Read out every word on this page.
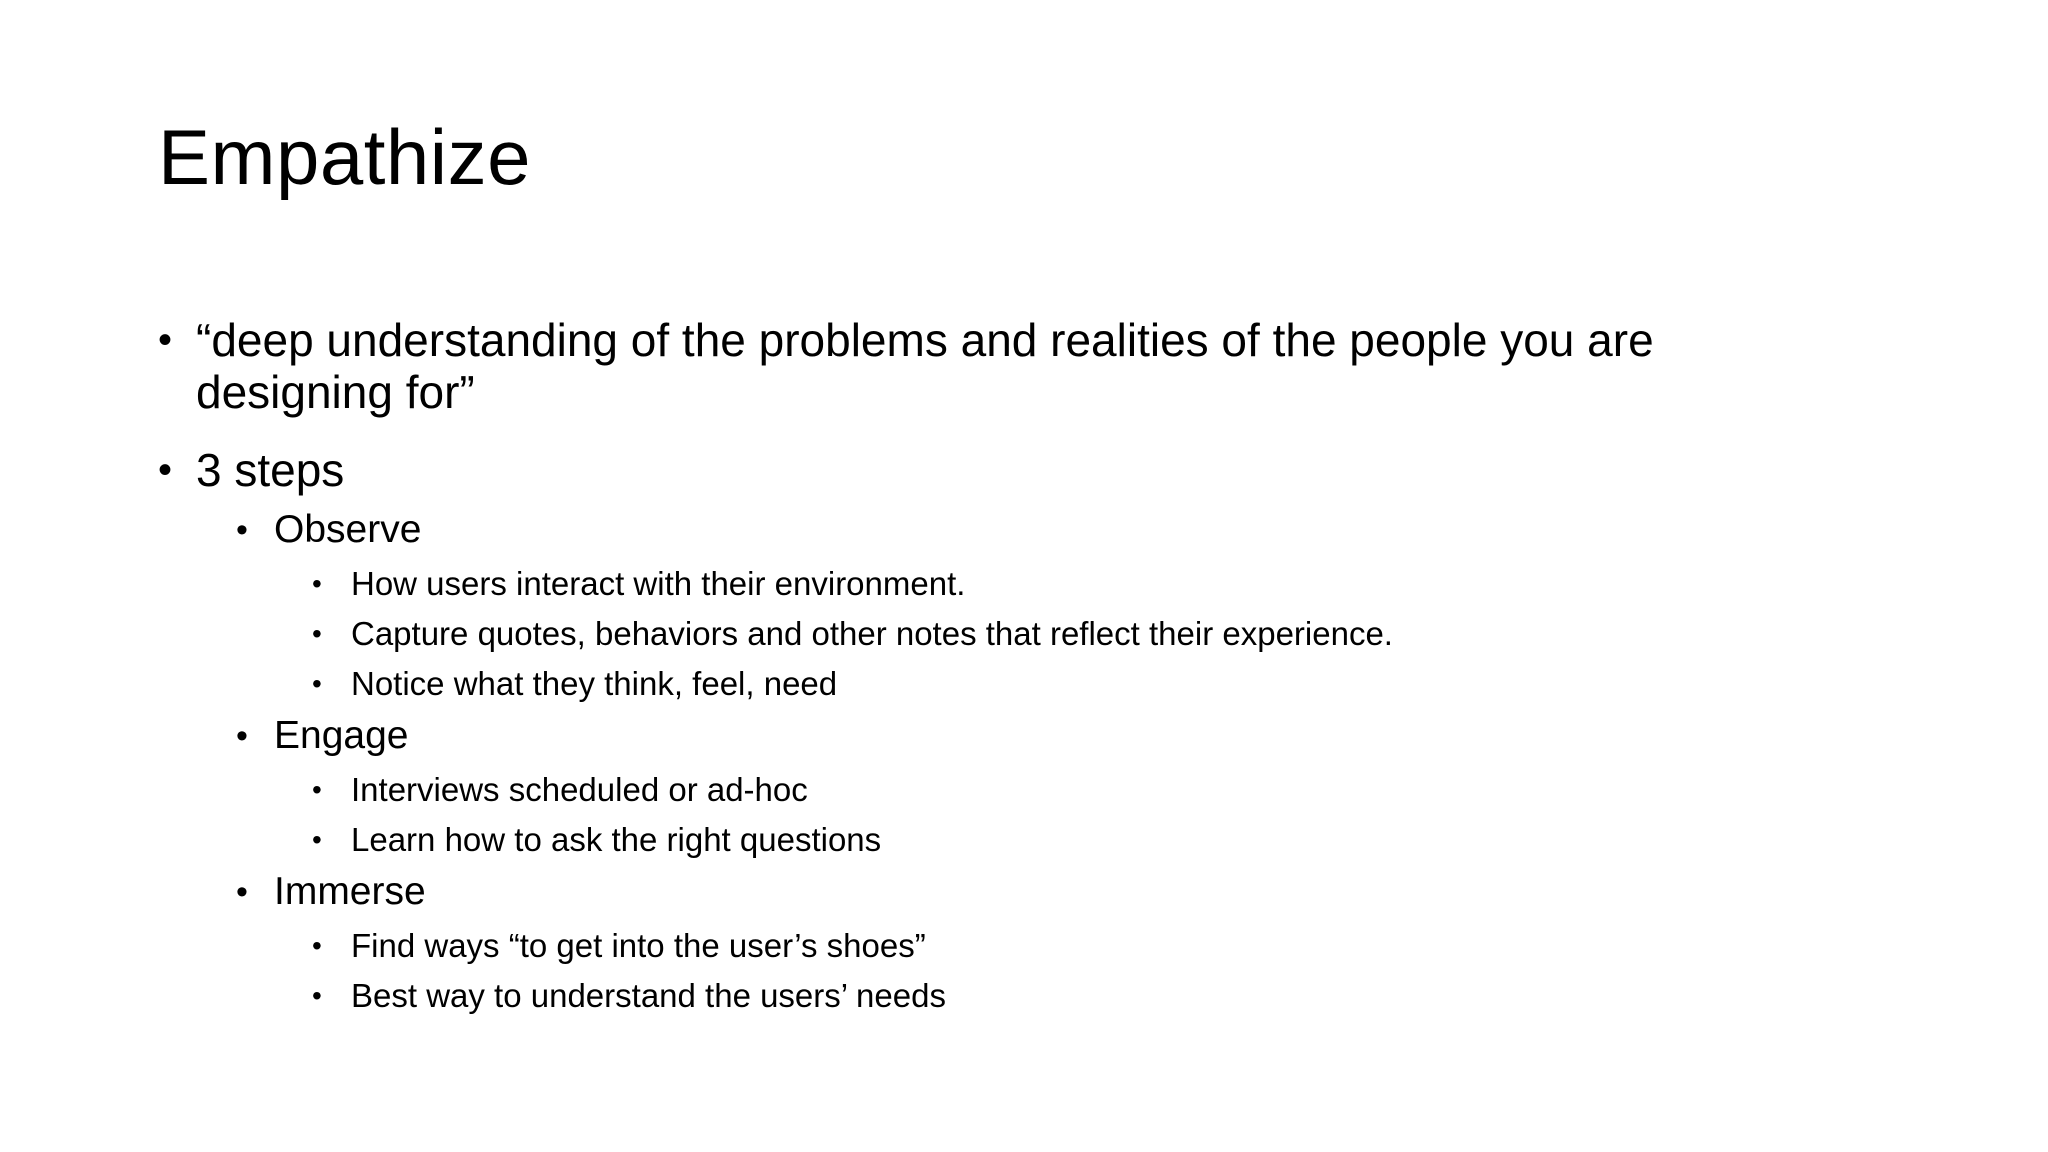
Empathize
• “deep understanding of the problems and realities of the people you are
designing for”
• 3 steps
• Observe
• How users interact with their environment.
• Capture quotes, behaviors and other notes that reflect their experience.
• Notice what they think, feel, need
• Engage
• Interviews scheduled or ad-hoc
• Learn how to ask the right questions
• Immerse
• Find ways “to get into the user’s shoes”
• Best way to understand the users’ needs
